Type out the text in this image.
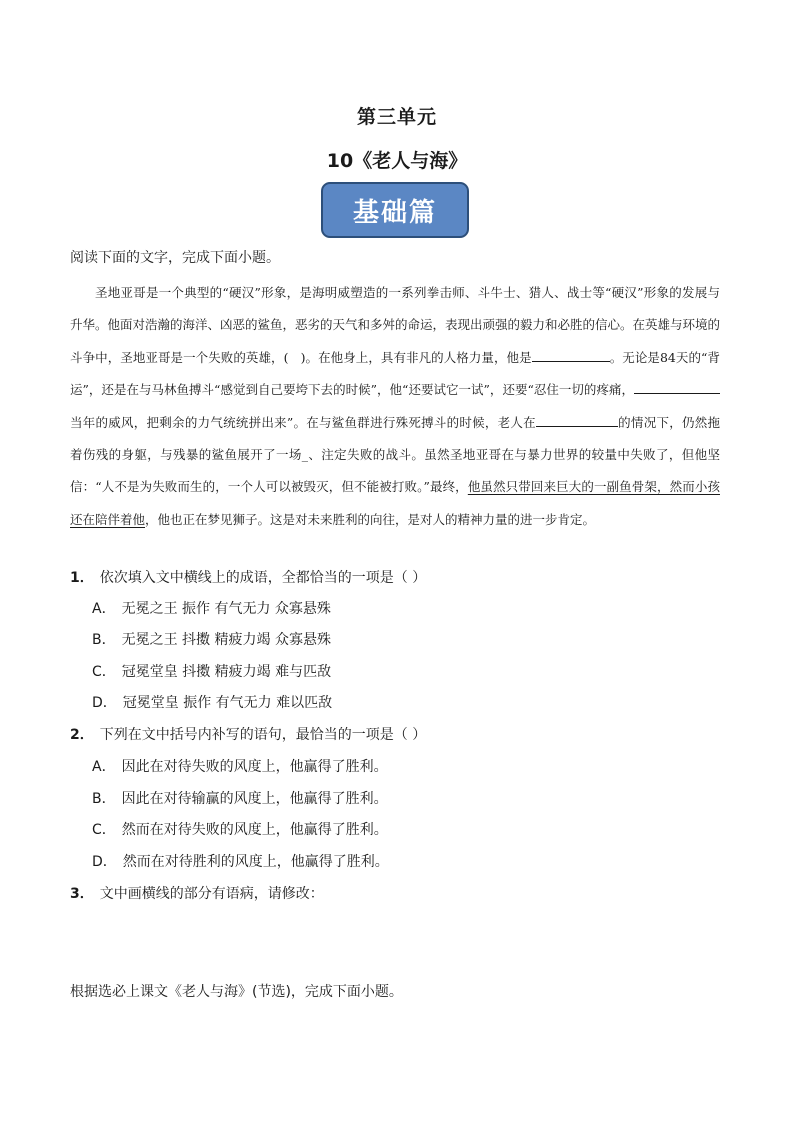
第三单元
10《老人与海》
基础篇
阅读下面的文字，完成下面小题。

圣地亚哥是一个典型的“硬汉”形象，是海明威塑造的一系列拳击师、斗牛士、猎人、战士等“硬汉”形象的发展与升华。他面对浩瀚的海洋、凶恶的鲨鱼，恶劣的天气和多舛的命运，表现出顽强的毅力和必胜的信心。在英雄与环境的斗争中，圣地亚哥是一个失败的英雄，( )。在他身上，具有非凡的人格力量，他是	。无论是84天的“背运”，还是在与马林鱼搏斗“感觉到自己要垮下去的时候”，他“还要试它一试”，还要“忍住一切的疼痛，当年的威风，把剩余的力气统统拼出来”。在与鲨鱼群进行殊死搏斗的时候，老人在	的情况下，仍然拖着伤残的身躯，与残暴的鲨鱼展开了一场_、注定失败的战斗。虽然圣地亚哥在与暴力世界的较量中失败了，但他坚信：“人不是为失败而生的，一个人可以被毁灭，但不能被打败。”最终，他虽然只带回来巨大的一副鱼骨架，然而小孩还在陪伴着他，他也正在梦见狮子。这是对未来胜利的向往，是对人的精神力量的进一步肯定。

1． 依次填入文中横线上的成语，全都恰当的一项是（ ）
A． 无冕之王 振作 有气无力 众寡悬殊
B． 无冕之王 抖擞 精疲力竭 众寡悬殊
C． 冠冕堂皇 抖擞 精疲力竭 难与匹敌
D． 冠冕堂皇 振作 有气无力 难以匹敌
2． 下列在文中括号内补写的语句，最恰当的一项是（ ）
A． 因此在对待失败的风度上，他赢得了胜利。
B． 因此在对待输赢的风度上，他赢得了胜利。
C． 然而在对待失败的风度上，他赢得了胜利。
D． 然而在对待胜利的风度上，他赢得了胜利。
3． 文中画横线的部分有语病，请修改：
根据选必上课文《老人与海》(节选)，完成下面小题。
